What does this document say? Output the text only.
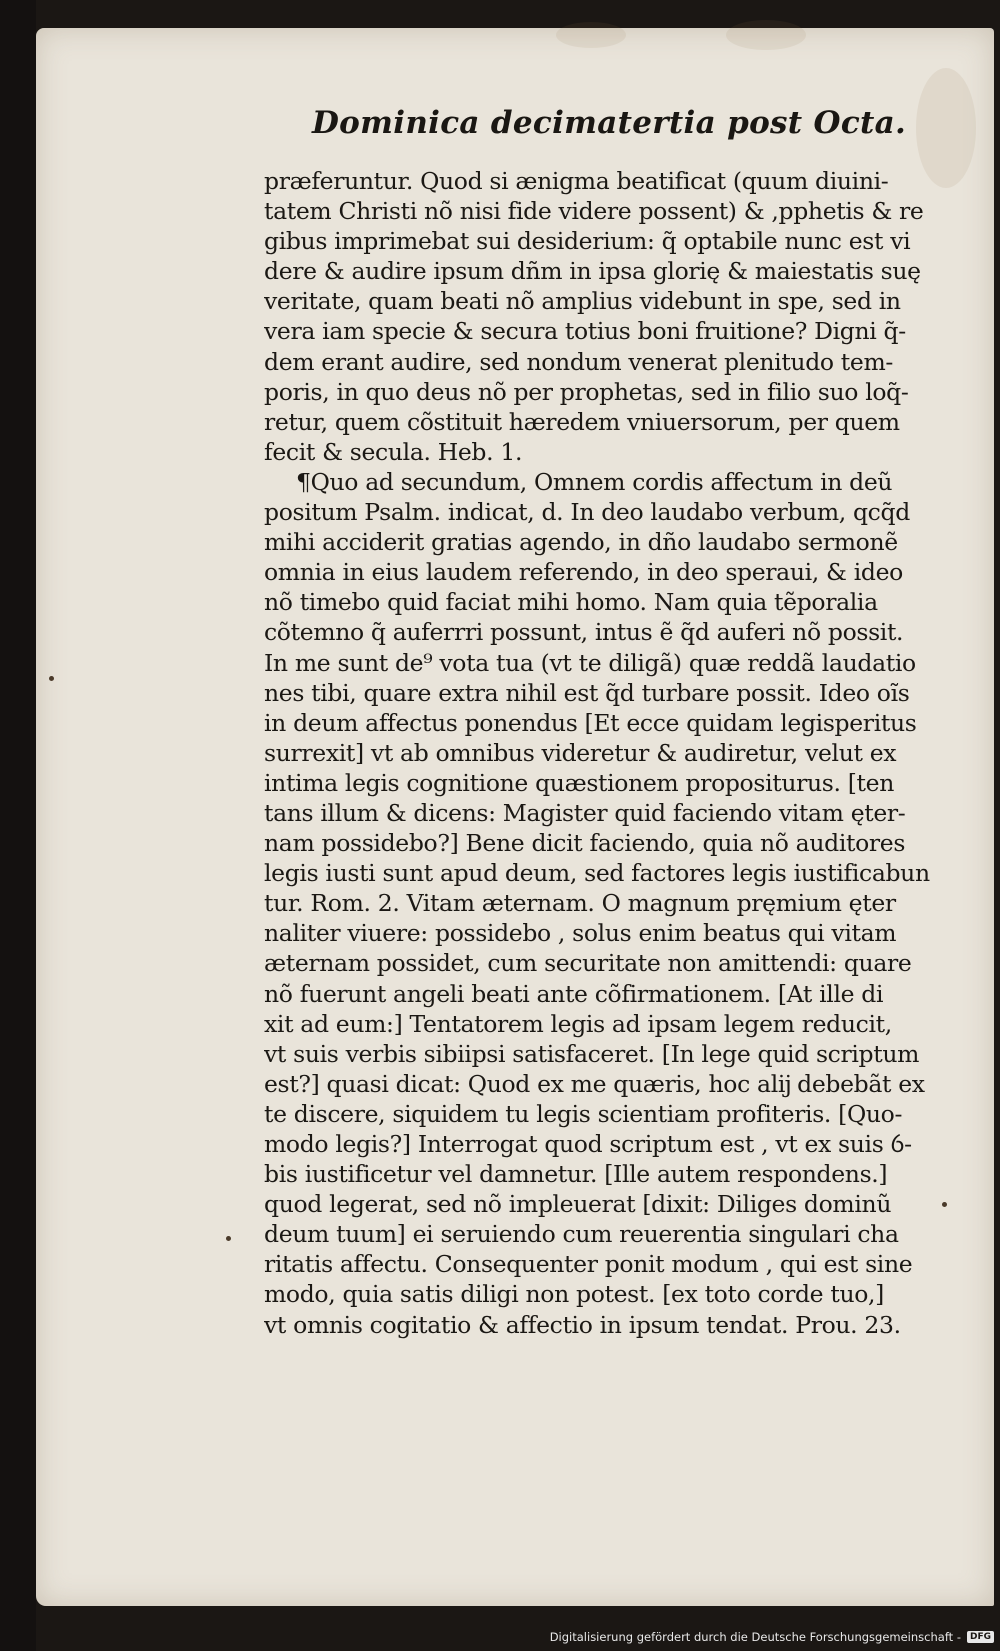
Dominica decimatertia post Octa.
præferuntur. Quod si ænigma beatificat (quum diuini-
tatem Christi nõ nisi fide videre possent) & ,pphetis & re
gibus imprimebat sui desiderium: q̃ optabile nunc est vi
dere & audire ipsum dñm in ipsa glorię & maiestatis suę
veritate, quam beati nõ amplius videbunt in spe, sed in
vera iam specie & secura totius boni fruitione? Digni q̃-
dem erant audire, sed nondum venerat plenitudo tem-
poris, in quo deus nõ per prophetas, sed in filio suo loq̃-
retur, quem cõstituit hæredem vniuersorum, per quem
fecit & secula. Heb. 1.
¶Quo ad secundum, Omnem cordis affectum in deũ
positum Psalm. indicat, d. In deo laudabo verbum, qcq̃d
mihi acciderit gratias agendo, in dño laudabo sermonẽ
omnia in eius laudem referendo, in deo speraui, & ideo
nõ timebo quid faciat mihi homo. Nam quia tẽporalia
cõtemno q̃ auferrri possunt, intus ẽ q̃d auferi nõ possit.
In me sunt de⁹ vota tua (vt te diligã) quæ reddã laudatio
nes tibi, quare extra nihil est q̃d turbare possit. Ideo oĩs
in deum affectus ponendus [Et ecce quidam legisperitus
surrexit] vt ab omnibus videretur & audiretur, velut ex
intima legis cognitione quæstionem propositurus. [ten
tans illum & dicens: Magister quid faciendo vitam ęter-
nam possidebo?] Bene dicit faciendo, quia nõ auditores
legis iusti sunt apud deum, sed factores legis iustificabun
tur. Rom. 2. Vitam æternam. O magnum pręmium ęter
naliter viuere: possidebo , solus enim beatus qui vitam
æternam possidet, cum securitate non amittendi: quare
nõ fuerunt angeli beati ante cõfirmationem. [At ille di
xit ad eum:] Tentatorem legis ad ipsam legem reducit,
vt suis verbis sibiipsi satisfaceret. [In lege quid scriptum
est?] quasi dicat: Quod ex me quæris, hoc alĳ debebãt ex
te discere, siquidem tu legis scientiam profiteris. [Quo-
modo legis?] Interrogat quod scriptum est , vt ex suis ỽ-
bis iustificetur vel damnetur. [Ille autem respondens.]
quod legerat, sed nõ impleuerat [dixit: Diliges dominũ
deum tuum] ei seruiendo cum reuerentia singulari cha
ritatis affectu. Consequenter ponit modum , qui est sine
modo, quia satis diligi non potest. [ex toto corde tuo,]
vt omnis cogitatio & affectio in ipsum tendat. Prou. 23.
Digitalisierung gefördert durch die Deutsche Forschungsgemeinschaft -	DFG
